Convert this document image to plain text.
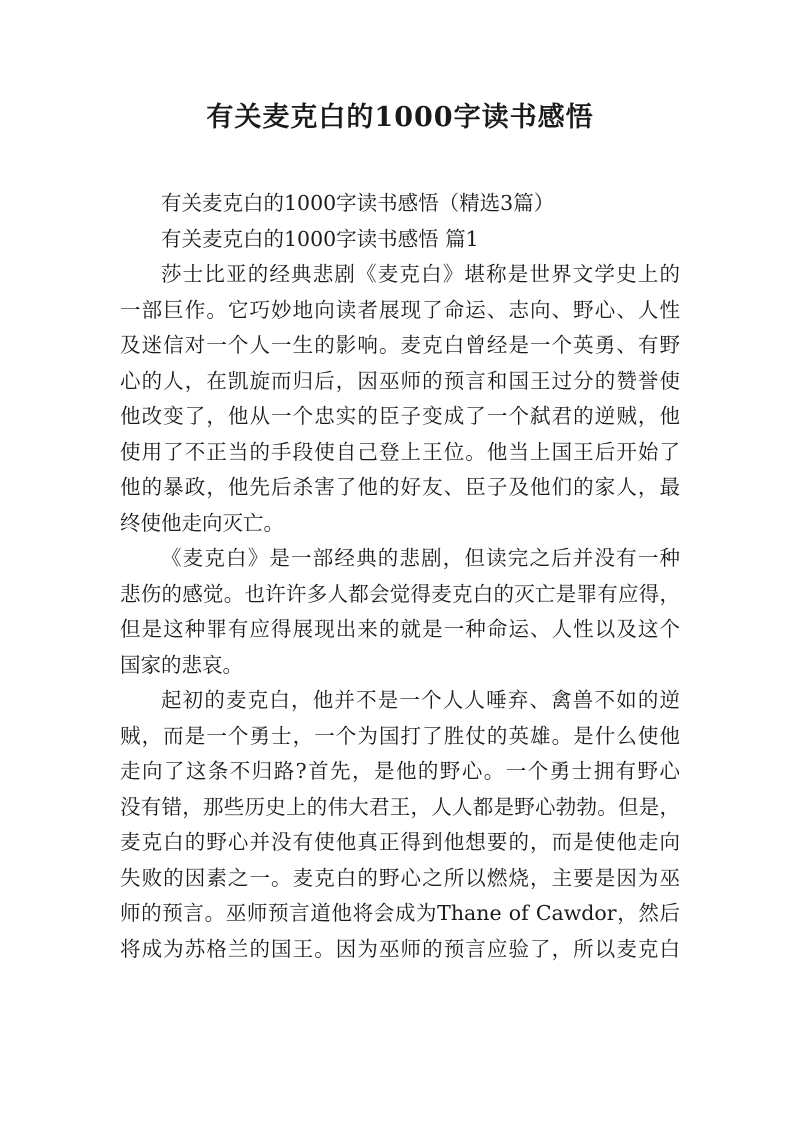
有关麦克白的1000字读书感悟
有关麦克白的1000字读书感悟（精选3篇）
有关麦克白的1000字读书感悟 篇1
莎士比亚的经典悲剧《麦克白》堪称是世界文学史上的
一部巨作。它巧妙地向读者展现了命运、志向、野心、人性
及迷信对一个人一生的影响。麦克白曾经是一个英勇、有野
心的人，在凯旋而归后，因巫师的预言和国王过分的赞誉使
他改变了，他从一个忠实的臣子变成了一个弑君的逆贼，他
使用了不正当的手段使自己登上王位。他当上国王后开始了
他的暴政，他先后杀害了他的好友、臣子及他们的家人，最
终使他走向灭亡。
《麦克白》是一部经典的悲剧，但读完之后并没有一种
悲伤的感觉。也许许多人都会觉得麦克白的灭亡是罪有应得，
但是这种罪有应得展现出来的就是一种命运、人性以及这个
国家的悲哀。
起初的麦克白，他并不是一个人人唾弃、禽兽不如的逆
贼，而是一个勇士，一个为国打了胜仗的英雄。是什么使他
走向了这条不归路?首先，是他的野心。一个勇士拥有野心
没有错，那些历史上的伟大君王，人人都是野心勃勃。但是，
麦克白的野心并没有使他真正得到他想要的，而是使他走向
失败的因素之一。麦克白的野心之所以燃烧，主要是因为巫
师的预言。巫师预言道他将会成为Thane of Cawdor，然后
将成为苏格兰的国王。因为巫师的预言应验了，所以麦克白
